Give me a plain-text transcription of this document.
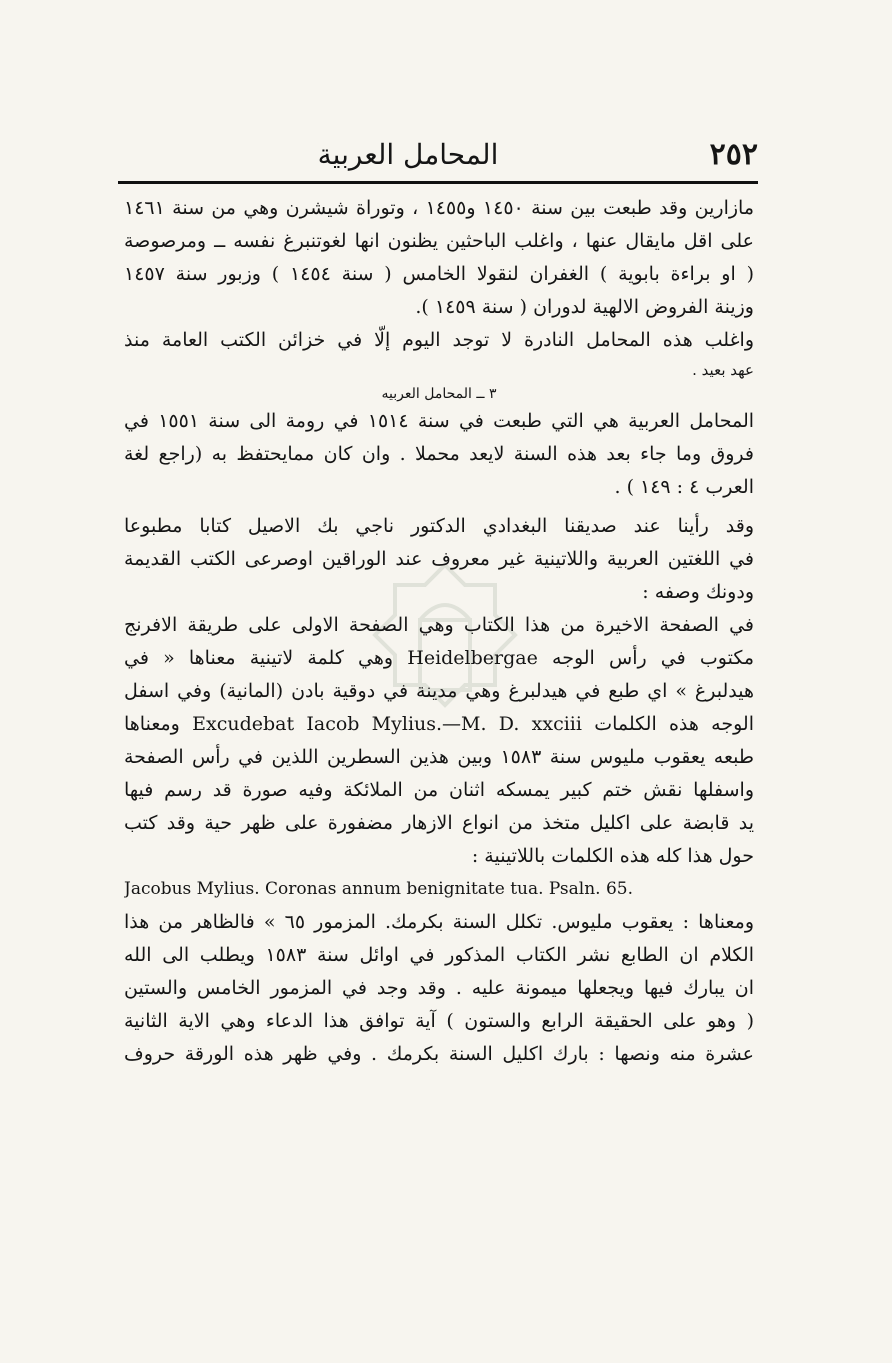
٢٥٢
المحامل العربية
مازارين وقد طبعت بين سنة ١٤٥٠ و١٤٥٥ ، وتوراة شيشرن وهي من سنة ١٤٦١
على اقل مايقال عنها ، واغلب الباحثين يظنون انها لغوتنبرغ نفسه ــ ومرصوصة
( او براءة بابوية ) الغفران لنقولا الخامس ( سنة ١٤٥٤ ) وزبور سنة ١٤٥٧
وزينة الفروض الالهية لدوران ( سنة ١٤٥٩ ).
واغلب هذه المحامل النادرة لا توجد اليوم إلّا في خزائن الكتب العامة منذ
عهد بعيد .
٣ ــ المحامل العربيه
المحامل العربية هي التي طبعت في سنة ١٥١٤ في رومة الى سنة ١٥٥١ في
فروق وما جاء بعد هذه السنة لايعد محملا . وان كان ممايحتفظ به (راجع لغة
العرب ٤ : ١٤٩ ) .
وقد رأينا عند صديقنا البغدادي الدكتور ناجي بك الاصيل كتابا مطبوعا
في اللغتين العربية واللاتينية غير معروف عند الوراقين اوصرعى الكتب القديمة
ودونك وصفه :
في الصفحة الاخيرة من هذا الكتاب وهي الصفحة الاولى على طريقة الافرنج
مكتوب في رأس الوجه Heidelbergae وهي كلمة لاتينية معناها « في
هيدلبرغ » اي طبع في هيدلبرغ وهي مدينة في دوقية بادن (المانية) وفي اسفل
الوجه هذه الكلمات Excudebat Iacob Mylius.—M. D. xxciii ومعناها
طبعه يعقوب مليوس سنة ١٥٨٣ وبين هذين السطرين اللذين في رأس الصفحة
واسفلها نقش ختم كبير يمسكه اثنان من الملائكة وفيه صورة قد رسم فيها
يد قابضة على اكليل متخذ من انواع الازهار مضفورة على ظهر حية وقد كتب
حول هذا كله هذه الكلمات باللاتينية :
Jacobus Mylius. Coronas annum benignitate tua. Psaln. 65.
ومعناها : يعقوب مليوس. تكلل السنة بكرمك. المزمور ٦٥ » فالظاهر من هذا
الكلام ان الطابع نشر الكتاب المذكور في اوائل سنة ١٥٨٣ ويطلب الى الله
ان يبارك فيها ويجعلها ميمونة عليه . وقد وجد في المزمور الخامس والستين
( وهو على الحقيقة الرابع والستون ) آية توافق هذا الدعاء وهي الاية الثانية
عشرة منه ونصها : بارك اكليل السنة بكرمك . وفي ظهر هذه الورقة حروف
